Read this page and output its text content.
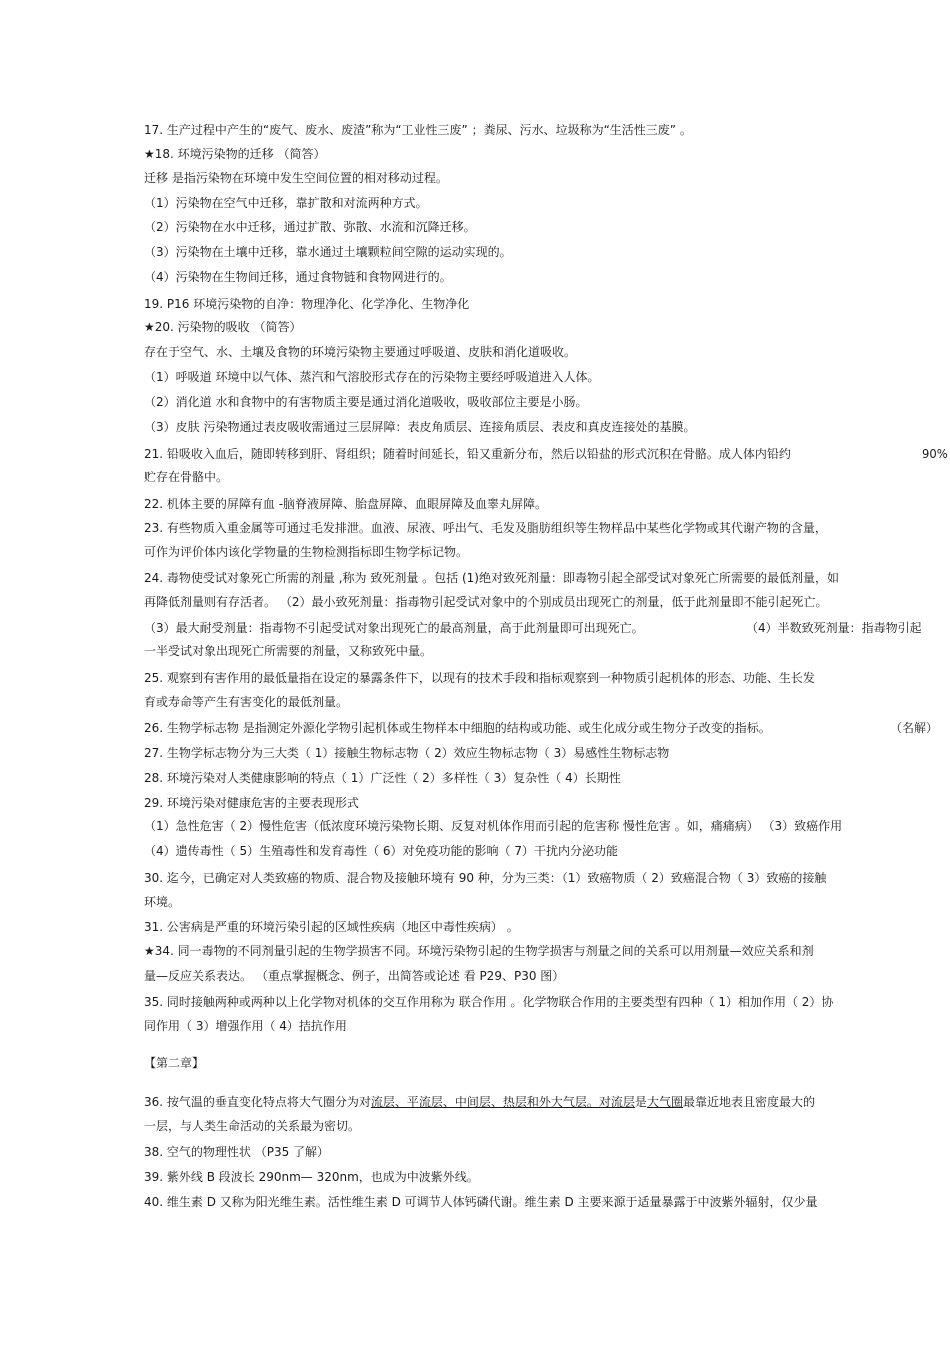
17. 生产过程中产生的“废气、废水、废渣”称为“工业性三废” ；粪尿、污水、垃圾称为“生活性三废” 。
★18. 环境污染物的迁移 （简答）
迁移 是指污染物在环境中发生空间位置的相对移动过程。
（1）污染物在空气中迁移，靠扩散和对流两种方式。
（2）污染物在水中迁移，通过扩散、弥散、水流和沉降迁移。
（3）污染物在土壤中迁移，靠水通过土壤颗粒间空隙的运动实现的。
（4）污染物在生物间迁移，通过食物链和食物网进行的。
19. P16 环境污染物的自净：物理净化、化学净化、生物净化
★20. 污染物的吸收 （简答）
存在于空气、水、土壤及食物的环境污染物主要通过呼吸道、皮肤和消化道吸收。
（1）呼吸道 环境中以气体、蒸汽和气溶胶形式存在的污染物主要经呼吸道进入人体。
（2）消化道 水和食物中的有害物质主要是通过消化道吸收，吸收部位主要是小肠。
（3）皮肤 污染物通过表皮吸收需通过三层屏障：表皮角质层、连接角质层、表皮和真皮连接处的基膜。
21. 铅吸收入血后，随即转移到肝、肾组织；随着时间延长，铅又重新分布，然后以铅盐的形式沉积在骨骼。成人体内铅约	90%
贮存在骨骼中。
22. 机体主要的屏障有血 -脑脊液屏障、胎盘屏障、血眼屏障及血睾丸屏障。
23. 有些物质入重金属等可通过毛发排泄。血液、尿液、呼出气、毛发及脂肪组织等生物样品中某些化学物或其代谢产物的含量，
可作为评价体内该化学物量的生物检测指标即生物学标记物。
24. 毒物使受试对象死亡所需的剂量 ,称为 致死剂量 。包括 (1)绝对致死剂量：即毒物引起全部受试对象死亡所需要的最低剂量，如
再降低剂量则有存活者。 （2）最小致死剂量：指毒物引起受试对象中的个别成员出现死亡的剂量，低于此剂量即不能引起死亡。
（3）最大耐受剂量：指毒物不引起受试对象出现死亡的最高剂量，高于此剂量即可出现死亡。	（4）半数致死剂量：指毒物引起
一半受试对象出现死亡所需要的剂量，又称致死中量。
25. 观察到有害作用的最低量指在设定的暴露条件下，以现有的技术手段和指标观察到一种物质引起机体的形态、功能、生长发
育或寿命等产生有害变化的最低剂量。
26. 生物学标志物 是指测定外源化学物引起机体或生物样本中细胞的结构或功能、或生化成分或生物分子改变的指标。	（名解）
27. 生物学标志物分为三大类（ 1）接触生物标志物（ 2）效应生物标志物（ 3）易感性生物标志物
28. 环境污染对人类健康影响的特点（ 1）广泛性（ 2）多样性（ 3）复杂性（ 4）长期性
29. 环境污染对健康危害的主要表现形式
（1）急性危害（ 2）慢性危害（低浓度环境污染物长期、反复对机体作用而引起的危害称 慢性危害 。如，痛痛病） （3）致癌作用
（4）遗传毒性（ 5）生殖毒性和发育毒性（ 6）对免疫功能的影响（ 7）干扰内分泌功能
30. 迄今，已确定对人类致癌的物质、混合物及接触环境有 90 种，分为三类：（1）致癌物质（ 2）致癌混合物（ 3）致癌的接触
环境。
31. 公害病是严重的环境污染引起的区域性疾病（地区中毒性疾病） 。
★34. 同一毒物的不同剂量引起的生物学损害不同。环境污染物引起的生物学损害与剂量之间的关系可以用剂量—效应关系和剂
量—反应关系表达。 （重点掌握概念、例子，出简答或论述 看 P29、P30 图）
35. 同时接触两种或两种以上化学物对机体的交互作用称为 联合作用 。化学物联合作用的主要类型有四种（ 1）相加作用（ 2）协
同作用（ 3）增强作用（ 4）拮抗作用
【第二章】
36. 按气温的垂直变化特点将大气圈分为对流层、平流层、中间层、热层和外大气层。对流层是大气圈最靠近地表且密度最大的
一层，与人类生命活动的关系最为密切。
38. 空气的物理性状 （P35 了解）
39. 紫外线 B 段波长 290nm— 320nm，也成为中波紫外线。
40. 维生素 D 又称为阳光维生素。活性维生素 D 可调节人体钙磷代谢。维生素 D 主要来源于适量暴露于中波紫外辐射，仅少量
